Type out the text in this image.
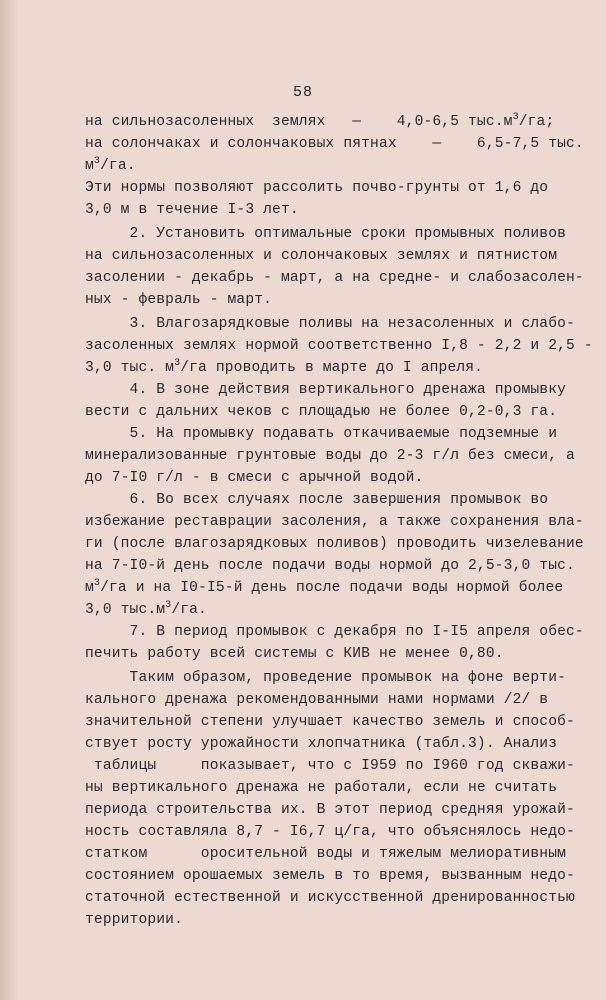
58
на сильнозасоленных  землях   —    4,0-6,5 $тыс.м^3/га$;
на солончаках и солончаковых пятнах    —    6,5-7,5 тыс.
$м^3/га$.
Эти нормы позволяют рассолить почво-грунты от 1,6 до
3,0 м в течение I-3 лет.
2. Установить оптимальные сроки промывных поливов
на сильнозасоленных и солончаковых землях и пятнистом
засолении - декабрь - март, а на средне- и слабозасолен-
ных - февраль - март.
3. Влагозарядковые поливы на незасоленных и слабо-
засоленных землях нормой соответственно I,8 - 2,2 и 2,5 -
3,0 тыс. $м^3/га$ проводить в марте до I апреля.
4. В зоне действия вертикального дренажа промывку
вести с дальних чеков с площадью не более 0,2-0,3 га.
5. На промывку подавать откачиваемые подземные и
минерализованные грунтовые воды до 2-3 г/л без смеси, а
до 7-I0 г/л - в смеси с арычной водой.
6. Во всех случаях после завершения промывок во
избежание реставрации засоления, а также сохранения вла-
ги (после влагозарядковых поливов) проводить чизелевание
на 7-I0-й день после подачи воды нормой до 2,5-3,0 тыс.
$м^3/га$ и на I0-I5-й день после подачи воды нормой более
3,0 $тыс.м^3/га$.
7. В период промывок с декабря по I-I5 апреля обес-
печить работу всей системы с КИВ не менее 0,80.
Таким образом, проведение промывок на фоне верти-
кального дренажа рекомендованными нами нормами /2/ в
значительной степени улучшает качество земель и способ-
ствует росту урожайности хлопчатника (табл.3). Анализ
таблицы     показывает, что с I959 по I960 год скважи-
ны вертикального дренажа не работали, если не считать
периода строительства их. В этот период средняя урожай-
ность составляла 8,7 - I6,7 ц/га, что объяснялось недо-
статком      оросительной воды и тяжелым мелиоративным
состоянием орошаемых земель в то время, вызванным недо-
статочной естественной и искусственной дренированностью
территории.
